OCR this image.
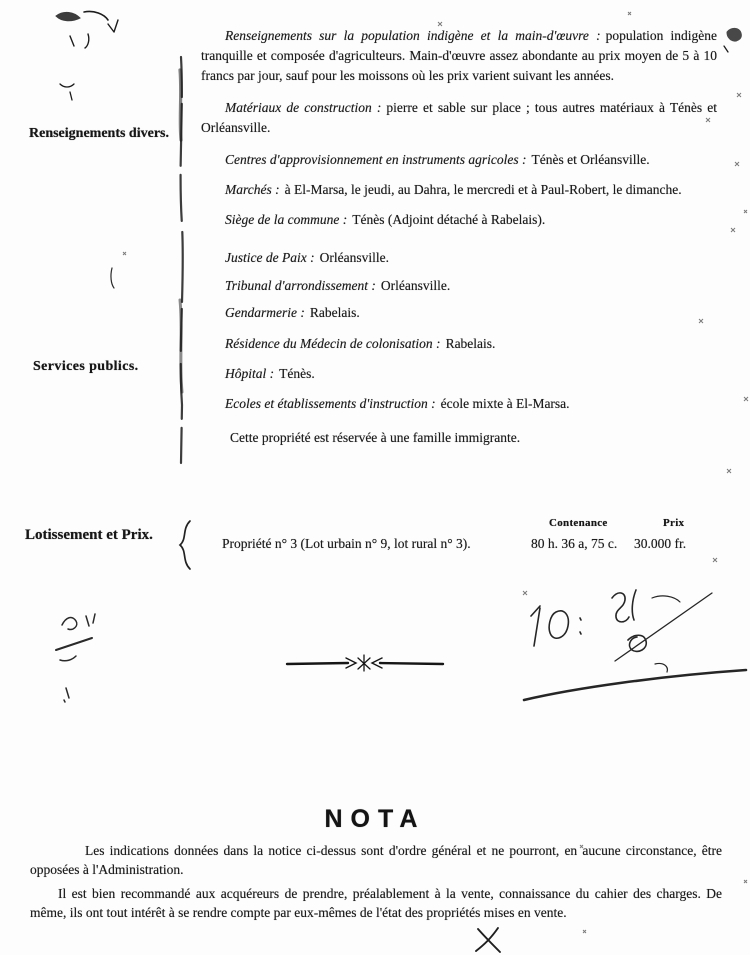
Renseignements divers.
Services publics.
Lotissement et Prix.

Renseignements sur la population indigène et la main-d'œuvre : population indigène tranquille et composée d'agriculteurs. Main-d'œuvre assez abondante au prix moyen de 5 à 10 francs par jour, sauf pour les moissons où les prix varient suivant les années.

Matériaux de construction : pierre et sable sur place ; tous autres matériaux à Ténès et Orléansville.

Centres d'approvisionnement en instruments agricoles : Ténès et Orléansville.

Marchés : à El-Marsa, le jeudi, au Dahra, le mercredi et à Paul-Robert, le dimanche.

Siège de la commune : Ténès (Adjoint détaché à Rabelais).

Justice de Paix : Orléansville.

Tribunal d'arrondissement : Orléansville.

Gendarmerie : Rabelais.

Résidence du Médecin de colonisation : Rabelais.

Hôpital : Ténès.

Ecoles et établissements d'instruction : école mixte à El-Marsa.

Cette propriété est réservée à une famille immigrante.

Contenance	Prix
Propriété n° 3 (Lot urbain n° 9, lot rural n° 3).	80 h. 36 a, 75 c. 30.000 fr.
NOTA

Les indications données dans la notice ci-dessus sont d'ordre général et ne pourront, en aucune circonstance, être opposées à l'Administration.

Il est bien recommandé aux acquéreurs de prendre, préalablement à la vente, connaissance du cahier des charges. De même, ils ont tout intérêt à se rendre compte par eux-mêmes de l'état des propriétés mises en vente.
